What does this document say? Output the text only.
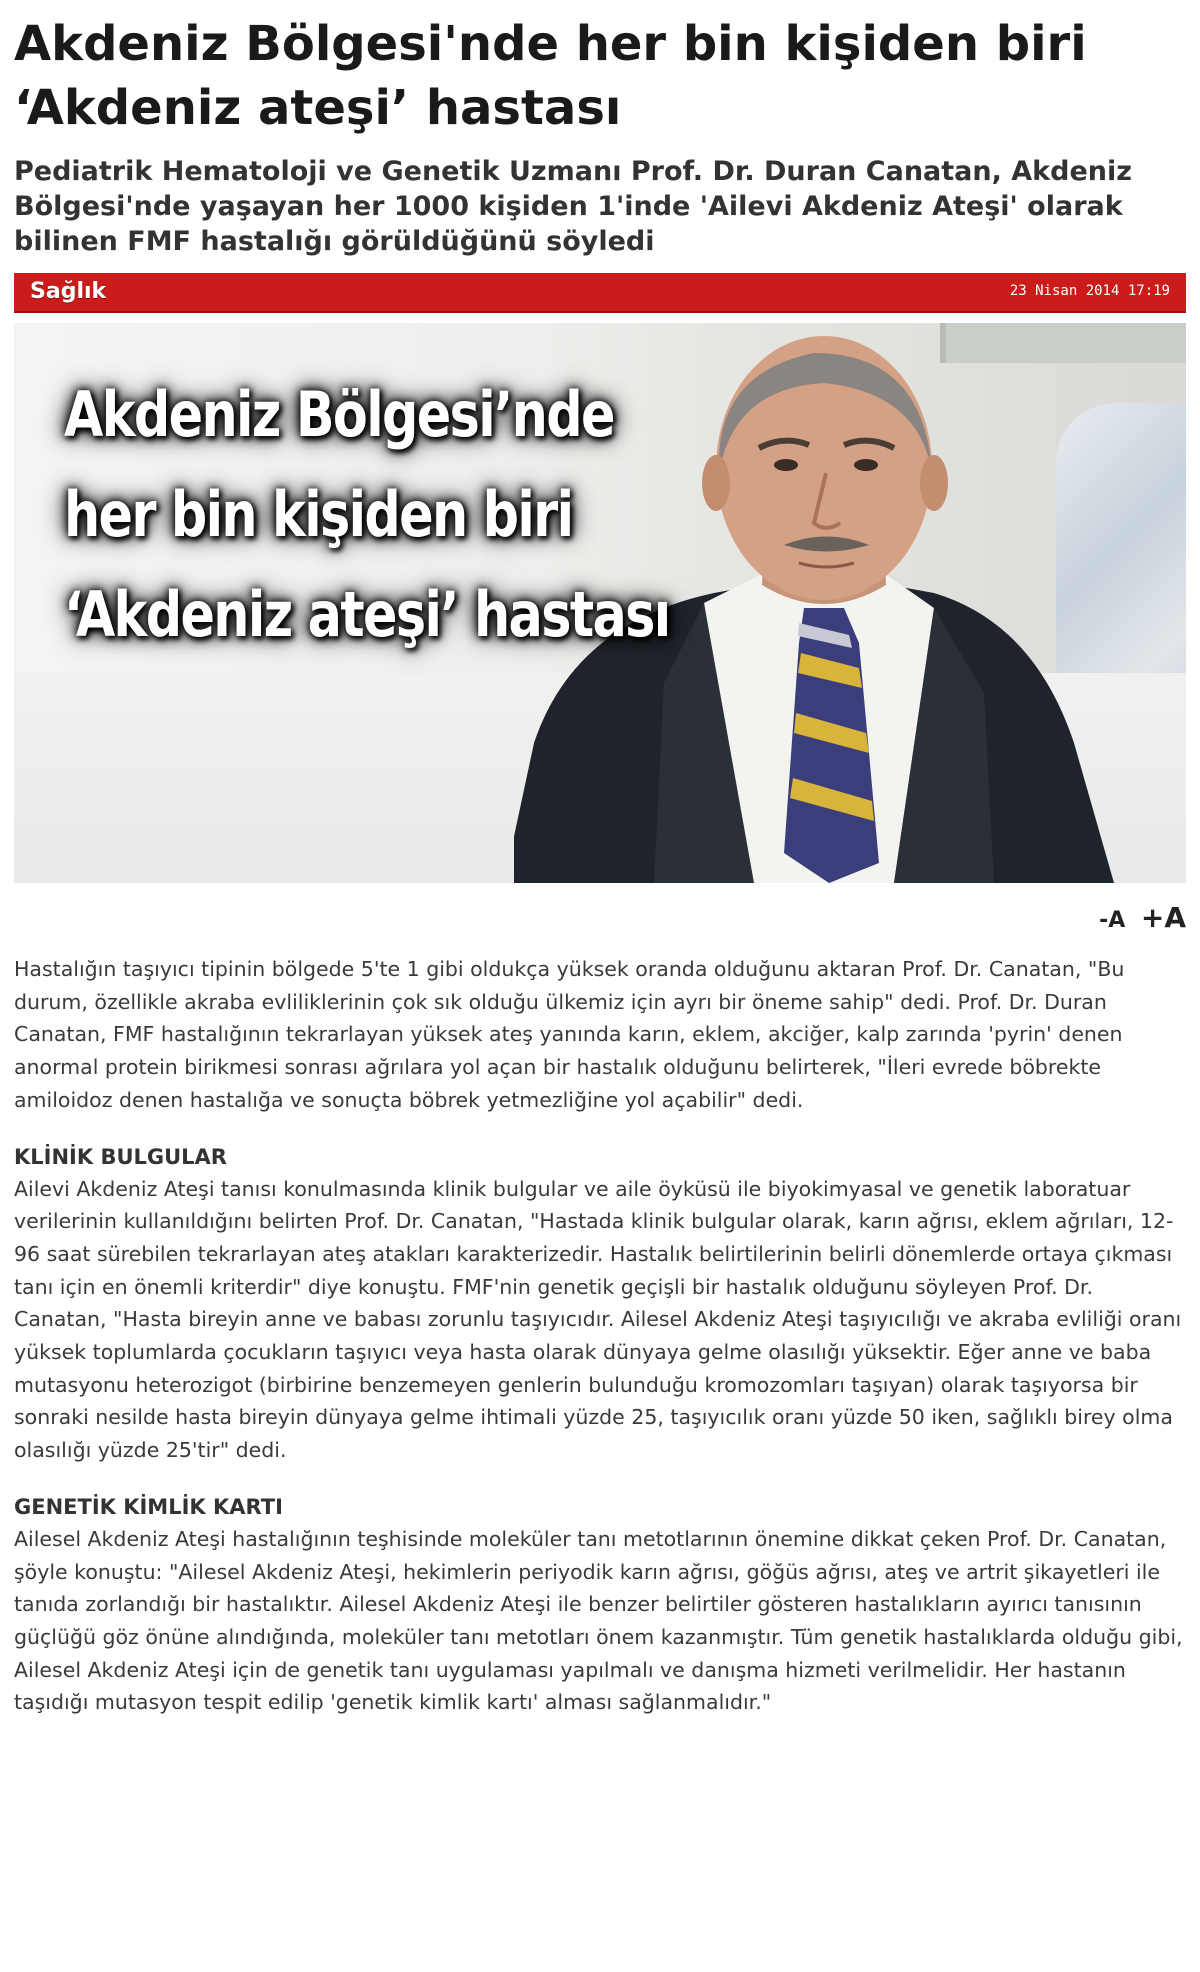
Akdeniz Bölgesi'nde her bin kişiden biri ‘Akdeniz ateşi’ hastası
Pediatrik Hematoloji ve Genetik Uzmanı Prof. Dr. Duran Canatan, Akdeniz Bölgesi'nde yaşayan her 1000 kişiden 1'inde 'Ailevi Akdeniz Ateşi' olarak bilinen FMF hastalığı görüldüğünü söyledi
Sağlık	23 Nisan 2014 17:19
Akdeniz Bölgesi’nde
her bin kişiden biri
‘Akdeniz ateşi’ hastası
-A +A

Hastalığın taşıyıcı tipinin bölgede 5'te 1 gibi oldukça yüksek oranda olduğunu aktaran Prof. Dr. Canatan, "Bu durum, özellikle akraba evliliklerinin çok sık olduğu ülkemiz için ayrı bir öneme sahip" dedi. Prof. Dr. Duran Canatan, FMF hastalığının tekrarlayan yüksek ateş yanında karın, eklem, akciğer, kalp zarında 'pyrin' denen anormal protein birikmesi sonrası ağrılara yol açan bir hastalık olduğunu belirterek, "İleri evrede böbrekte amiloidoz denen hastalığa ve sonuçta böbrek yetmezliğine yol açabilir" dedi.

KLİNİK BULGULAR

Ailevi Akdeniz Ateşi tanısı konulmasında klinik bulgular ve aile öyküsü ile biyokimyasal ve genetik laboratuar verilerinin kullanıldığını belirten Prof. Dr. Canatan, "Hastada klinik bulgular olarak, karın ağrısı, eklem ağrıları, 12-96 saat sürebilen tekrarlayan ateş atakları karakterizedir. Hastalık belirtilerinin belirli dönemlerde ortaya çıkması tanı için en önemli kriterdir" diye konuştu. FMF'nin genetik geçişli bir hastalık olduğunu söyleyen Prof. Dr. Canatan, "Hasta bireyin anne ve babası zorunlu taşıyıcıdır. Ailesel Akdeniz Ateşi taşıyıcılığı ve akraba evliliği oranı yüksek toplumlarda çocukların taşıyıcı veya hasta olarak dünyaya gelme olasılığı yüksektir. Eğer anne ve baba mutasyonu heterozigot (birbirine benzemeyen genlerin bulunduğu kromozomları taşıyan) olarak taşıyorsa bir sonraki nesilde hasta bireyin dünyaya gelme ihtimali yüzde 25, taşıyıcılık oranı yüzde 50 iken, sağlıklı birey olma olasılığı yüzde 25'tir" dedi.

GENETİK KİMLİK KARTI

Ailesel Akdeniz Ateşi hastalığının teşhisinde moleküler tanı metotlarının önemine dikkat çeken Prof. Dr. Canatan, şöyle konuştu: "Ailesel Akdeniz Ateşi, hekimlerin periyodik karın ağrısı, göğüs ağrısı, ateş ve artrit şikayetleri ile tanıda zorlandığı bir hastalıktır. Ailesel Akdeniz Ateşi ile benzer belirtiler gösteren hastalıkların ayırıcı tanısının güçlüğü göz önüne alındığında, moleküler tanı metotları önem kazanmıştır. Tüm genetik hastalıklarda olduğu gibi, Ailesel Akdeniz Ateşi için de genetik tanı uygulaması yapılmalı ve danışma hizmeti verilmelidir. Her hastanın taşıdığı mutasyon tespit edilip 'genetik kimlik kartı' alması sağlanmalıdır."
